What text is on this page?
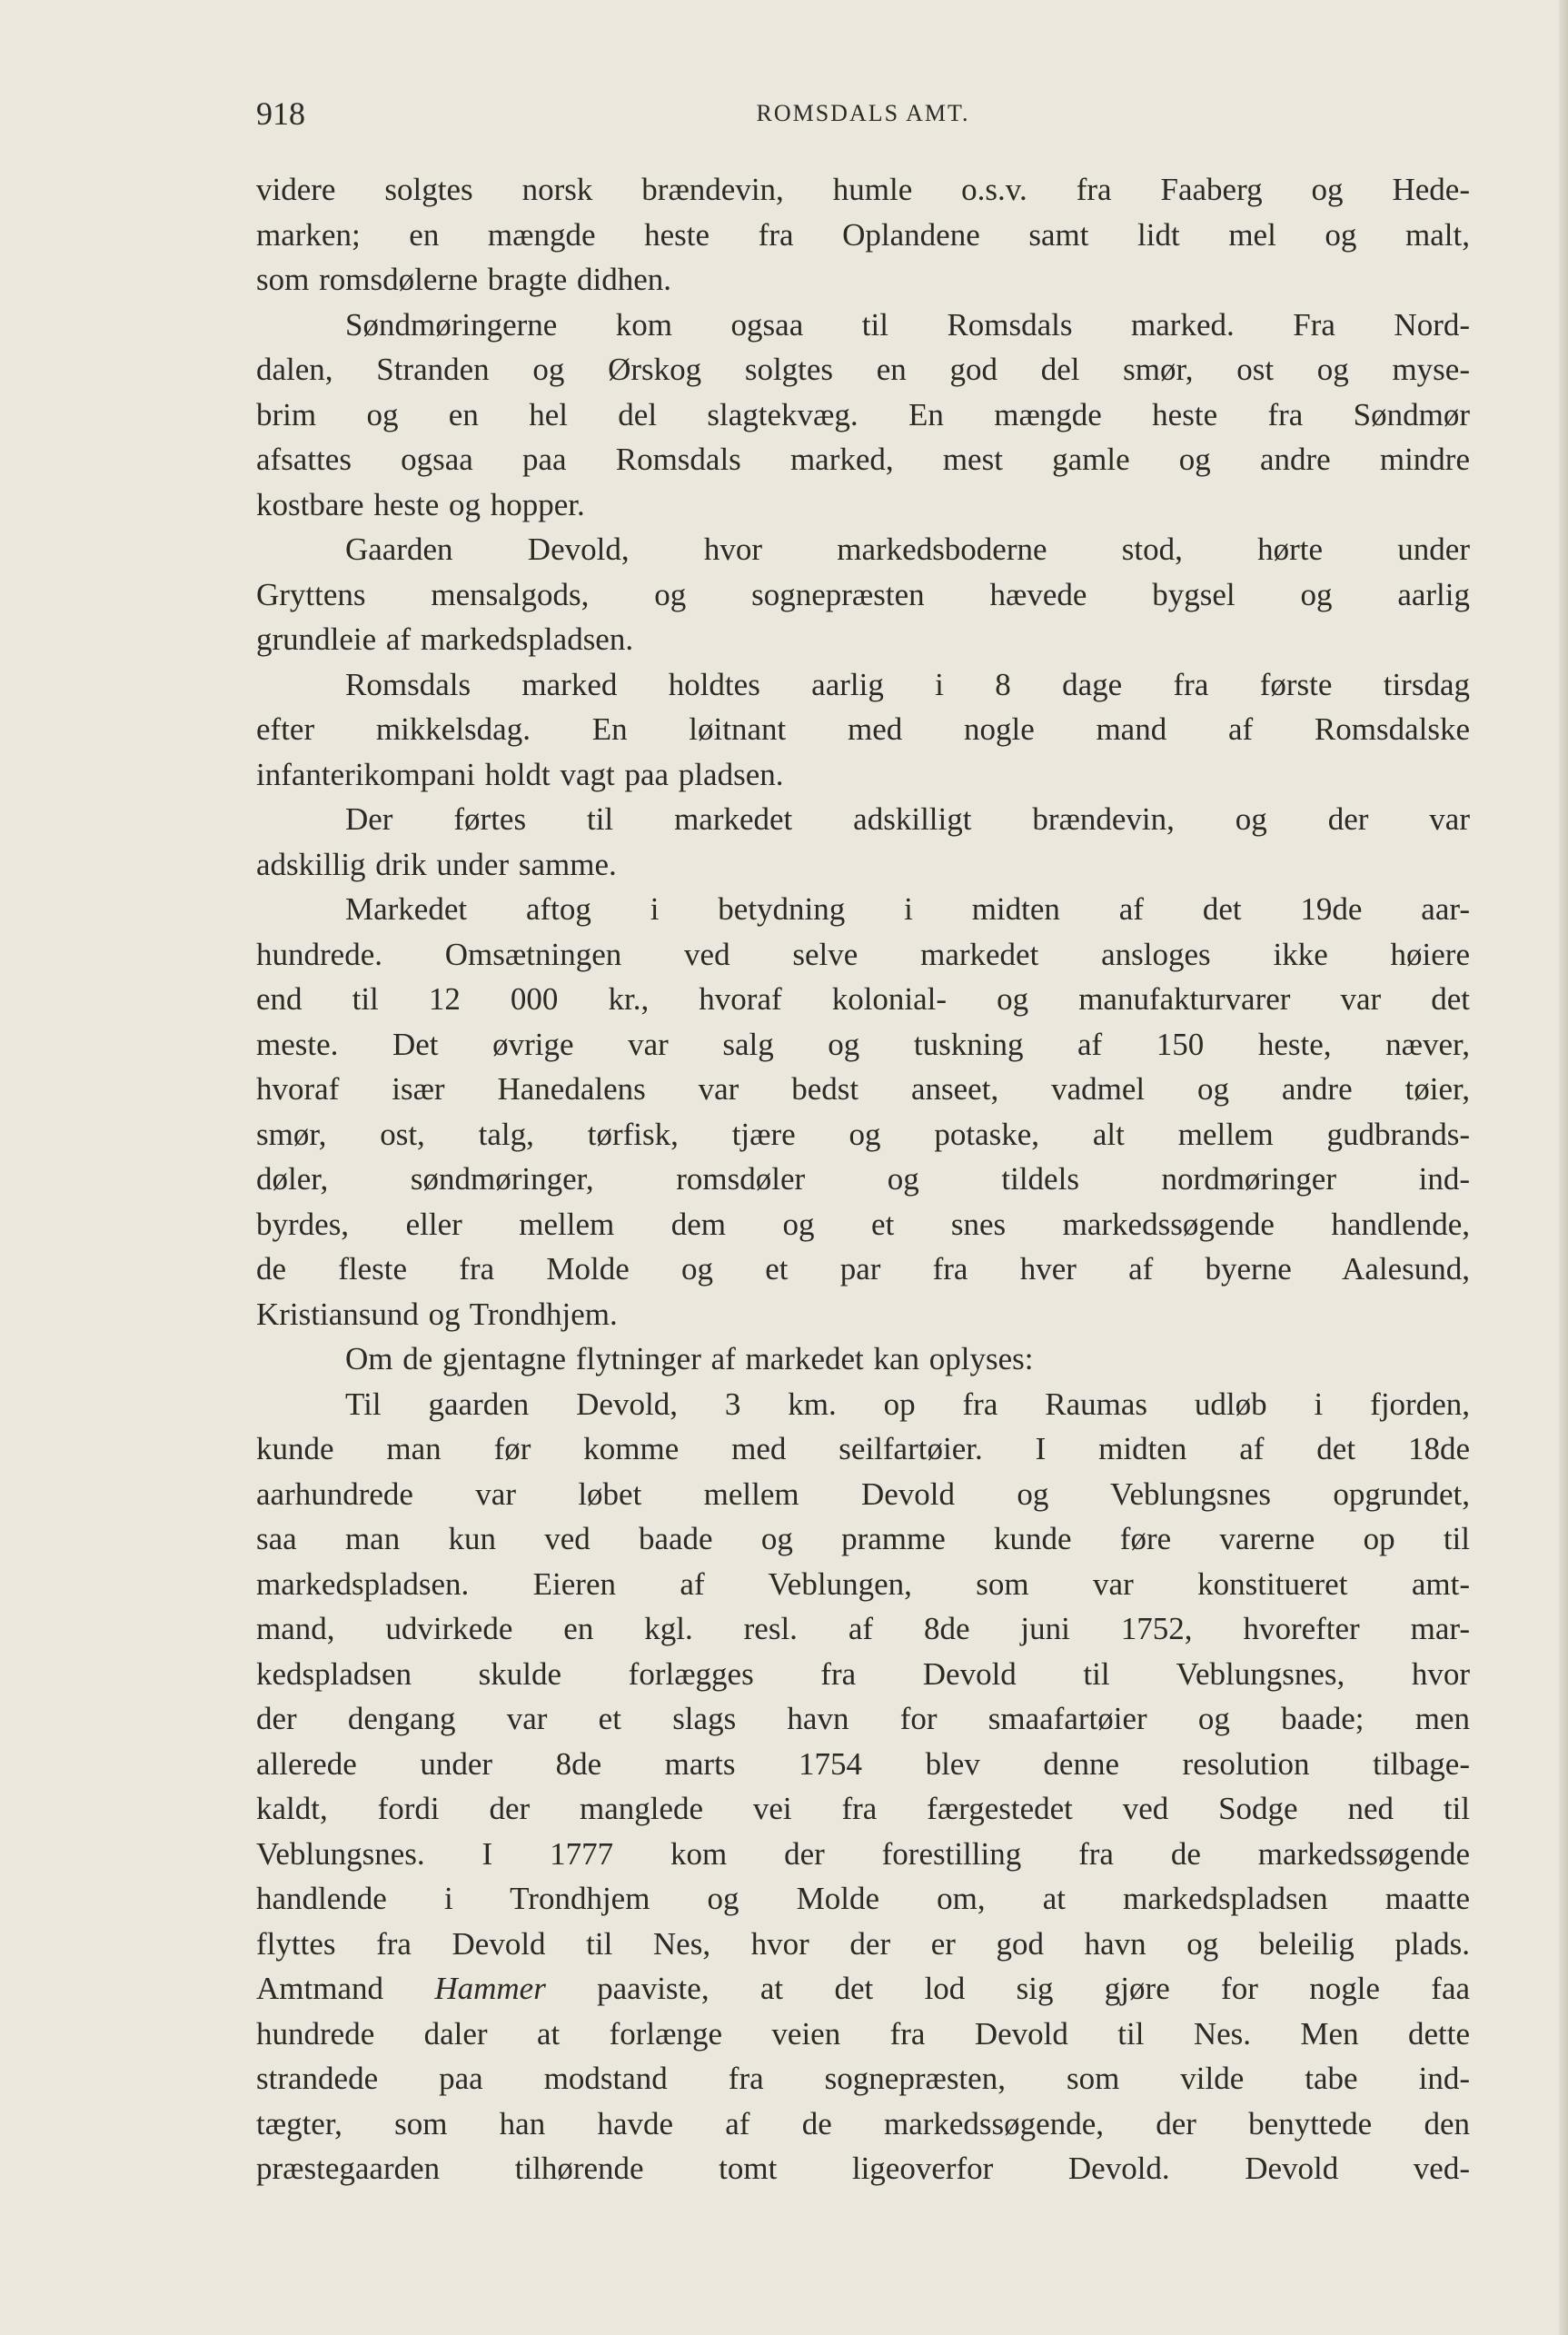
918	ROMSDALS AMT.
videre solgtes norsk brændevin, humle o.s.v. fra Faaberg og Hede-
marken; en mængde heste fra Oplandene samt lidt mel og malt,
som romsdølerne bragte didhen.
Søndmøringerne kom ogsaa til Romsdals marked. Fra Nord-
dalen, Stranden og Ørskog solgtes en god del smør, ost og myse-
brim og en hel del slagtekvæg. En mængde heste fra Søndmør
afsattes ogsaa paa Romsdals marked, mest gamle og andre mindre
kostbare heste og hopper.
Gaarden Devold, hvor markedsboderne stod, hørte under
Gryttens mensalgods, og sognepræsten hævede bygsel og aarlig
grundleie af markedspladsen.
Romsdals marked holdtes aarlig i 8 dage fra første tirsdag
efter mikkelsdag. En løitnant med nogle mand af Romsdalske
infanterikompani holdt vagt paa pladsen.
Der førtes til markedet adskilligt brændevin, og der var
adskillig drik under samme.
Markedet aftog i betydning i midten af det 19de aar-
hundrede. Omsætningen ved selve markedet ansloges ikke høiere
end til 12 000 kr., hvoraf kolonial- og manufakturvarer var det
meste. Det øvrige var salg og tuskning af 150 heste, næver,
hvoraf især Hanedalens var bedst anseet, vadmel og andre tøier,
smør, ost, talg, tørfisk, tjære og potaske, alt mellem gudbrands-
døler, søndmøringer, romsdøler og tildels nordmøringer ind-
byrdes, eller mellem dem og et snes markedssøgende handlende,
de fleste fra Molde og et par fra hver af byerne Aalesund,
Kristiansund og Trondhjem.
Om de gjentagne flytninger af markedet kan oplyses:
Til gaarden Devold, 3 km. op fra Raumas udløb i fjorden,
kunde man før komme med seilfartøier. I midten af det 18de
aarhundrede var løbet mellem Devold og Veblungsnes opgrundet,
saa man kun ved baade og pramme kunde føre varerne op til
markedspladsen. Eieren af Veblungen, som var konstitueret amt-
mand, udvirkede en kgl. resl. af 8de juni 1752, hvorefter mar-
kedspladsen skulde forlægges fra Devold til Veblungsnes, hvor
der dengang var et slags havn for smaafartøier og baade; men
allerede under 8de marts 1754 blev denne resolution tilbage-
kaldt, fordi der manglede vei fra færgestedet ved Sodge ned til
Veblungsnes. I 1777 kom der forestilling fra de markedssøgende
handlende i Trondhjem og Molde om, at markedspladsen maatte
flyttes fra Devold til Nes, hvor der er god havn og beleilig plads.
Amtmand Hammer paaviste, at det lod sig gjøre for nogle faa
hundrede daler at forlænge veien fra Devold til Nes. Men dette
strandede paa modstand fra sognepræsten, som vilde tabe ind-
tægter, som han havde af de markedssøgende, der benyttede den
præstegaarden tilhørende tomt ligeoverfor Devold. Devold ved-
